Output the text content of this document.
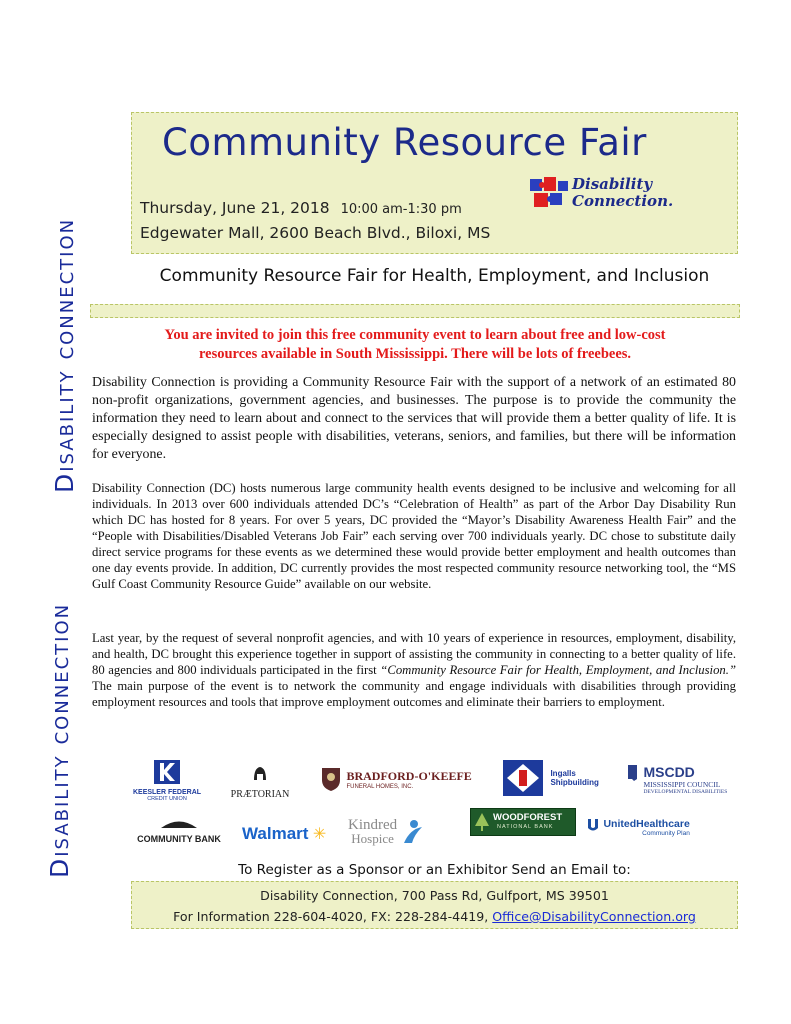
Disability connection
Disability connection
Community Resource Fair
Thursday, June 21, 2018 10:00 am-1:30 pm
Edgewater Mall, 2600 Beach Blvd., Biloxi, MS
Disability
Connection.
Community Resource Fair for Health, Employment, and Inclusion
You are invited to join this free community event to learn about free and low-cost
resources available in South Mississippi. There will be lots of freebees.
Disability Connection is providing a Community Resource Fair with the support of a network of an estimated 80 non-profit organizations, government agencies, and businesses. The purpose is to provide the community the information they need to learn about and connect to the services that will provide them a better quality of life. It is especially designed to assist people with disabilities, veterans, seniors, and families, but there will be information for everyone.
Disability Connection (DC) hosts numerous large community health events designed to be inclusive and welcoming for all individuals. In 2013 over 600 individuals attended DC’s “Celebration of Health” as part of the Arbor Day Disability Run which DC has hosted for 8 years. For over 5 years, DC provided the “Mayor’s Disability Awareness Health Fair” and the “People with Disabilities/Disabled Veterans Job Fair” each serving over 700 individuals yearly. DC chose to substitute daily direct service programs for these events as we determined these would provide better employment and health outcomes than one day events provide. In addition, DC currently provides the most respected community resource networking tool, the “MS Gulf Coast Community Resource Guide” available on our website.
Last year, by the request of several nonprofit agencies, and with 10 years of experience in resources, employment, disability, and health, DC brought this experience together in support of assisting the community in connecting to a better quality of life. 80 agencies and 800 individuals participated in the first “Community Resource Fair for Health, Employment, and Inclusion.” The main purpose of the event is to network the community and engage individuals with disabilities through providing employment resources and tools that improve employment outcomes and eliminate their barriers to employment.
KEESLER FEDERAL
CREDIT UNION	PRÆTORIAN

BRADFORD-O'KEEFE
FUNERAL HOMES, INC.

Ingalls
Shipbuilding

MSCDD
MISSISSIPPI COUNCIL
DEVELOPMENTAL DISABILITIES
COMMUNITY BANK	Walmart ✳
Kindred
Hospice

WOODFOREST
NATIONAL BANK
	UnitedHealthcare
Community Plan
To Register as a Sponsor or an Exhibitor Send an Email to:
Disability Connection, 700 Pass Rd, Gulfport, MS 39501
For Information 228-604-4020, FX: 228-284-4419, Office@DisabilityConnection.org
